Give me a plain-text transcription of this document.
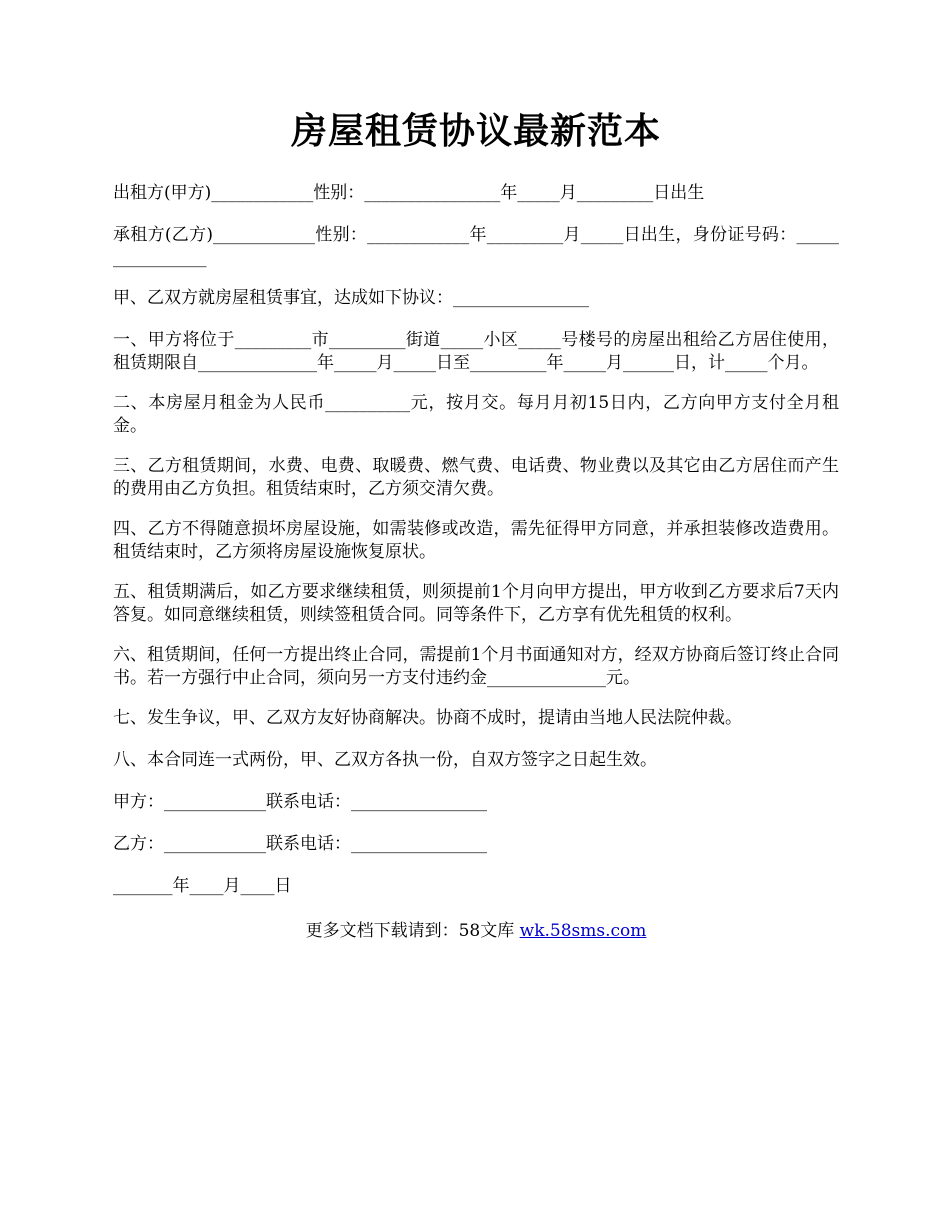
房屋租赁协议最新范本

出租方(甲方)____________性别：________________年_____月_________日出生

承租方(乙方)____________性别：____________年_________月_____日出生，身份证号码：________________

甲、乙双方就房屋租赁事宜，达成如下协议：________________

一、甲方将位于_________市_________街道_____小区_____号楼号的房屋出租给乙方居住使用，租赁期限自______________年_____月_____日至_________年_____月______日，计_____个月。

二、本房屋月租金为人民币__________元，按月交。每月月初15日内，乙方向甲方支付全月租金。

三、乙方租赁期间，水费、电费、取暖费、燃气费、电话费、物业费以及其它由乙方居住而产生的费用由乙方负担。租赁结束时，乙方须交清欠费。

四、乙方不得随意损坏房屋设施，如需装修或改造，需先征得甲方同意，并承担装修改造费用。租赁结束时，乙方须将房屋设施恢复原状。

五、租赁期满后，如乙方要求继续租赁，则须提前1个月向甲方提出，甲方收到乙方要求后7天内答复。如同意继续租赁，则续签租赁合同。同等条件下，乙方享有优先租赁的权利。

六、租赁期间，任何一方提出终止合同，需提前1个月书面通知对方，经双方协商后签订终止合同书。若一方强行中止合同，须向另一方支付违约金______________元。

七、发生争议，甲、乙双方友好协商解决。协商不成时，提请由当地人民法院仲裁。

八、本合同连一式两份，甲、乙双方各执一份，自双方签字之日起生效。

甲方：____________联系电话：________________

乙方：____________联系电话：________________

_______年____月____日

更多文档下载请到：58文库 wk.58sms.com
